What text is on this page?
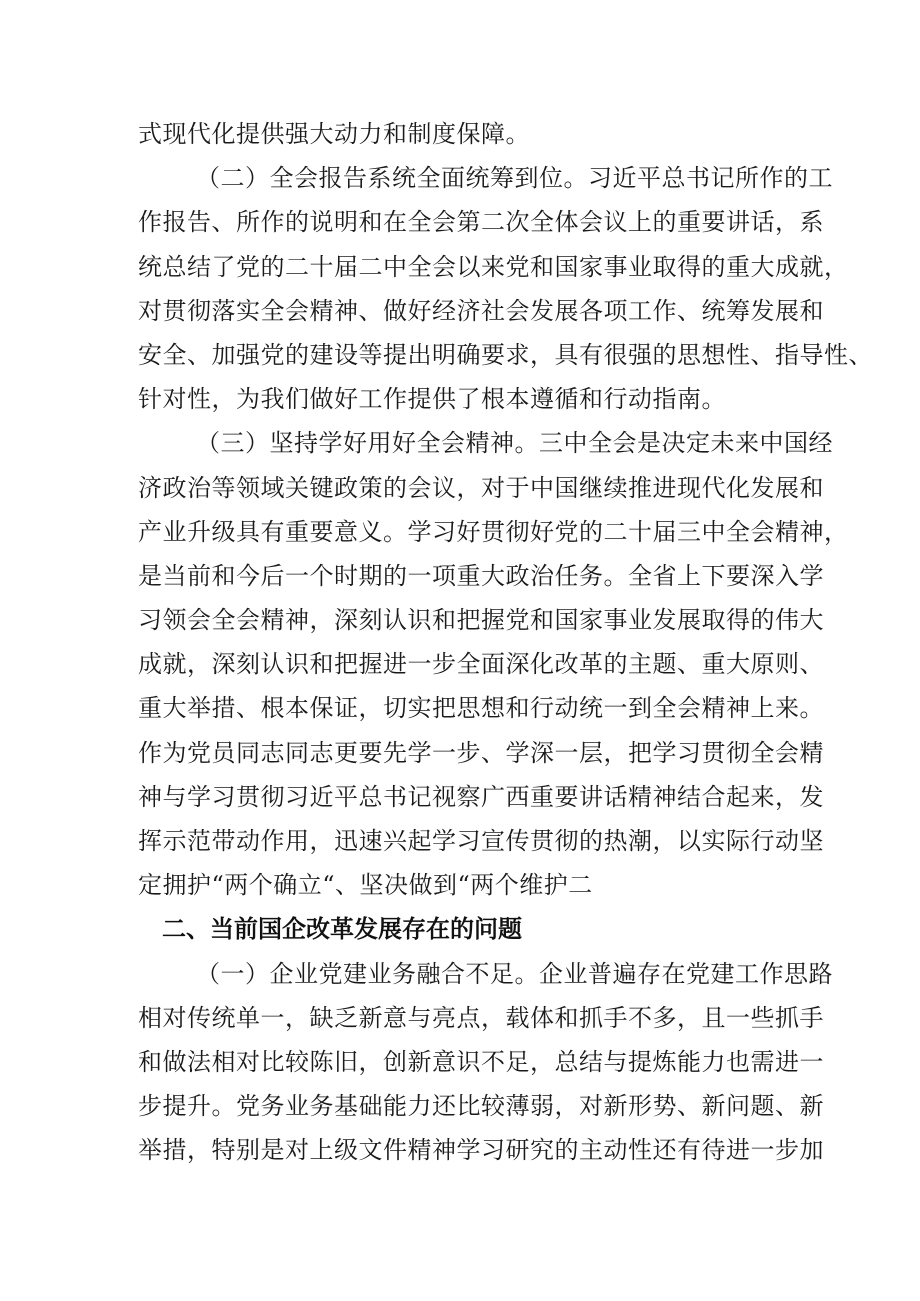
式现代化提供强大动力和制度保障。
（二）全会报告系统全面统筹到位。习近平总书记所作的工
作报告、所作的说明和在全会第二次全体会议上的重要讲话，系
统总结了党的二十届二中全会以来党和国家事业取得的重大成就，
对贯彻落实全会精神、做好经济社会发展各项工作、统筹发展和
安全、加强党的建设等提出明确要求，具有很强的思想性、指导性、
针对性，为我们做好工作提供了根本遵循和行动指南。
（三）坚持学好用好全会精神。三中全会是决定未来中国经
济政治等领域关键政策的会议，对于中国继续推进现代化发展和
产业升级具有重要意义。学习好贯彻好党的二十届三中全会精神，
是当前和今后一个时期的一项重大政治任务。全省上下要深入学
习领会全会精神，深刻认识和把握党和国家事业发展取得的伟大
成就，深刻认识和把握进一步全面深化改革的主题、重大原则、
重大举措、根本保证，切实把思想和行动统一到全会精神上来。
作为党员同志同志更要先学一步、学深一层，把学习贯彻全会精
神与学习贯彻习近平总书记视察广西重要讲话精神结合起来，发
挥示范带动作用，迅速兴起学习宣传贯彻的热潮，以实际行动坚
定拥护“两个确立“、坚决做到“两个维护二
二、当前国企改革发展存在的问题
（一）企业党建业务融合不足。企业普遍存在党建工作思路
相对传统单一，缺乏新意与亮点，载体和抓手不多，且一些抓手
和做法相对比较陈旧，创新意识不足，总结与提炼能力也需进一
步提升。党务业务基础能力还比较薄弱，对新形势、新问题、新
举措，特别是对上级文件精神学习研究的主动性还有待进一步加
